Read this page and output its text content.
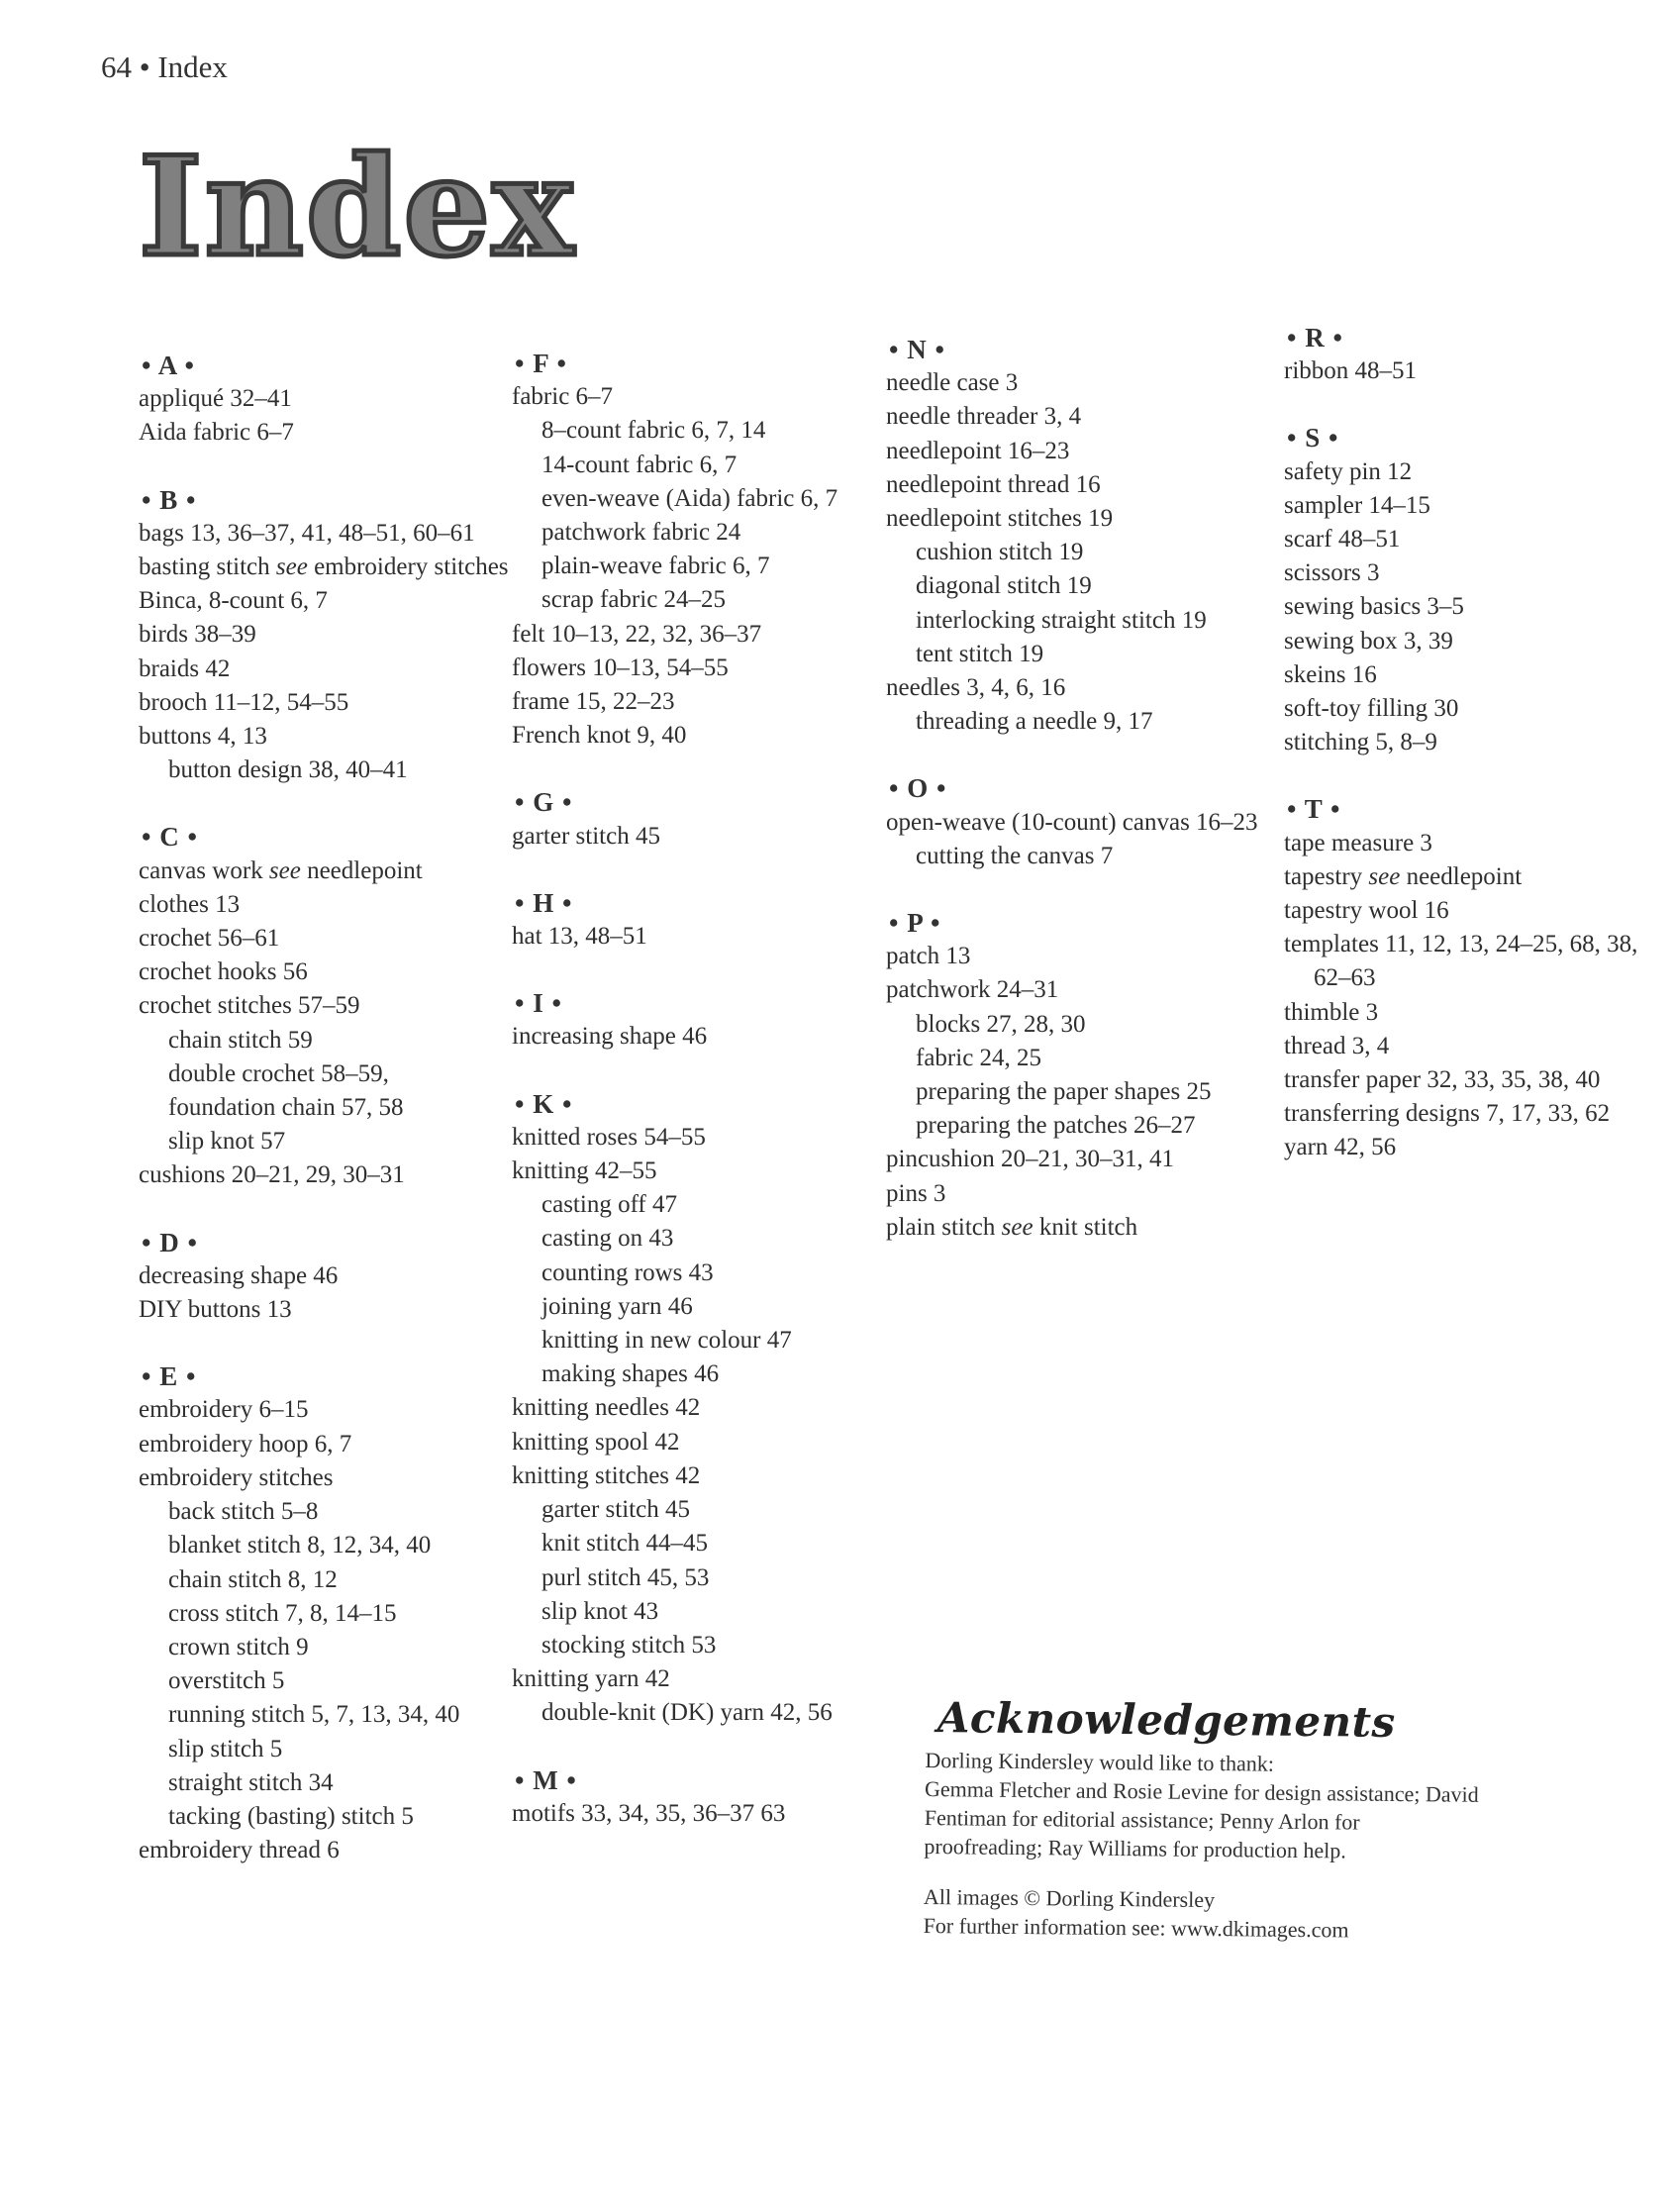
64 • Index
Index
• A •
appliqué 32–41
Aida fabric 6–7
• B •
bags 13, 36–37, 41, 48–51, 60–61
basting stitch see embroidery stitches
Binca, 8-count 6, 7
birds 38–39
braids 42
brooch 11–12, 54–55
buttons 4, 13
button design 38, 40–41
• C •
canvas work see needlepoint
clothes 13
crochet 56–61
crochet hooks 56
crochet stitches 57–59
chain stitch 59
double crochet 58–59,
foundation chain 57, 58
slip knot 57
cushions 20–21, 29, 30–31
• D •
decreasing shape 46
DIY buttons 13
• E •
embroidery 6–15
embroidery hoop 6, 7
embroidery stitches
back stitch 5–8
blanket stitch 8, 12, 34, 40
chain stitch 8, 12
cross stitch 7, 8, 14–15
crown stitch 9
overstitch 5
running stitch 5, 7, 13, 34, 40
slip stitch 5
straight stitch 34
tacking (basting) stitch 5
embroidery thread 6
• F •
fabric 6–7
8–count fabric 6, 7, 14
14-count fabric 6, 7
even-weave (Aida) fabric 6, 7
patchwork fabric 24
plain-weave fabric 6, 7
scrap fabric 24–25
felt 10–13, 22, 32, 36–37
flowers 10–13, 54–55
frame 15, 22–23
French knot 9, 40
• G •
garter stitch 45
• H •
hat 13, 48–51
• I •
increasing shape 46
• K •
knitted roses 54–55
knitting 42–55
casting off 47
casting on 43
counting rows 43
joining yarn 46
knitting in new colour 47
making shapes 46
knitting needles 42
knitting spool 42
knitting stitches 42
garter stitch 45
knit stitch 44–45
purl stitch 45, 53
slip knot 43
stocking stitch 53
knitting yarn 42
double-knit (DK) yarn 42, 56
• M •
motifs 33, 34, 35, 36–37 63
• N •
needle case 3
needle threader 3, 4
needlepoint 16–23
needlepoint thread 16
needlepoint stitches 19
cushion stitch 19
diagonal stitch 19
interlocking straight stitch 19
tent stitch 19
needles 3, 4, 6, 16
threading a needle 9, 17
• O •
open-weave (10-count) canvas 16–23
cutting the canvas 7
• P •
patch 13
patchwork 24–31
blocks 27, 28, 30
fabric 24, 25
preparing the paper shapes 25
preparing the patches 26–27
pincushion 20–21, 30–31, 41
pins 3
plain stitch see knit stitch
• R •
ribbon 48–51
• S •
safety pin 12
sampler 14–15
scarf 48–51
scissors 3
sewing basics 3–5
sewing box 3, 39
skeins 16
soft-toy filling 30
stitching 5, 8–9
• T •
tape measure 3
tapestry see needlepoint
tapestry wool 16
templates 11, 12, 13, 24–25, 68, 38, 62–63
thimble 3
thread 3, 4
transfer paper 32, 33, 35, 38, 40
transferring designs 7, 17, 33, 62
yarn 42, 56
Acknowledgements

Dorling Kindersley would like to thank:

Gemma Fletcher and Rosie Levine for design assistance; David Fentiman for editorial assistance; Penny Arlon for proofreading; Ray Williams for production help.

All images © Dorling Kindersley

For further information see: www.dkimages.com
